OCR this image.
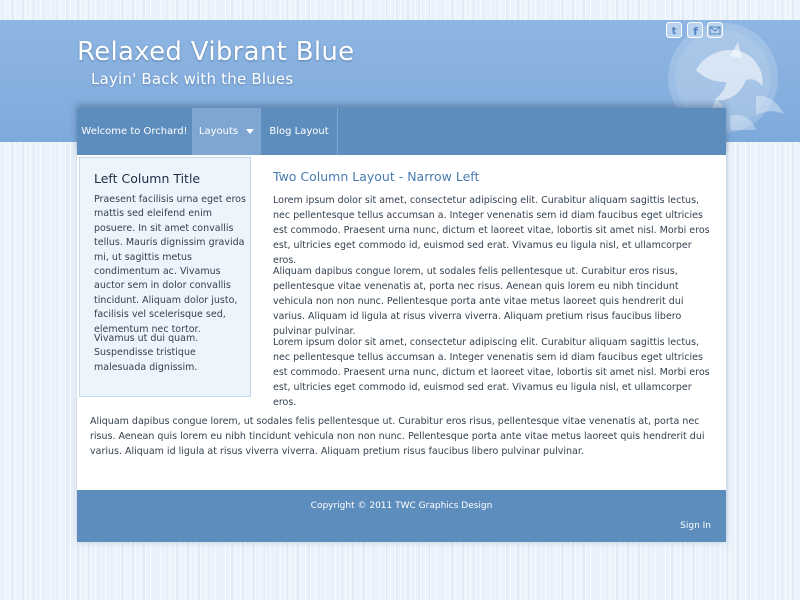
Relaxed Vibrant Blue

Layin' Back with the Blues

t f
Welcome to Orchard! Layouts	Blog Layout
Left Column Title

Praesent facilisis urna eget eros mattis sed eleifend enim posuere. In sit amet convallis tellus. Mauris dignissim gravida mi, ut sagittis metus condimentum ac. Vivamus auctor sem in dolor convallis tincidunt. Aliquam dolor justo, facilisis vel scelerisque sed, elementum nec tortor.

Vivamus ut dui quam. Suspendisse tristique malesuada dignissim.

Two Column Layout - Narrow Left

Lorem ipsum dolor sit amet, consectetur adipiscing elit. Curabitur aliquam sagittis lectus, nec pellentesque tellus accumsan a. Integer venenatis sem id diam faucibus eget ultricies est commodo. Praesent urna nunc, dictum et laoreet vitae, lobortis sit amet nisl. Morbi eros est, ultricies eget commodo id, euismod sed erat. Vivamus eu ligula nisl, et ullamcorper eros.

Aliquam dapibus congue lorem, ut sodales felis pellentesque ut. Curabitur eros risus, pellentesque vitae venenatis at, porta nec risus. Aenean quis lorem eu nibh tincidunt vehicula non non nunc. Pellentesque porta ante vitae metus laoreet quis hendrerit dui varius. Aliquam id ligula at risus viverra viverra. Aliquam pretium risus faucibus libero pulvinar pulvinar.

Lorem ipsum dolor sit amet, consectetur adipiscing elit. Curabitur aliquam sagittis lectus, nec pellentesque tellus accumsan a. Integer venenatis sem id diam faucibus eget ultricies est commodo. Praesent urna nunc, dictum et laoreet vitae, lobortis sit amet nisl. Morbi eros est, ultricies eget commodo id, euismod sed erat. Vivamus eu ligula nisl, et ullamcorper eros.

Aliquam dapibus congue lorem, ut sodales felis pellentesque ut. Curabitur eros risus, pellentesque vitae venenatis at, porta nec risus. Aenean quis lorem eu nibh tincidunt vehicula non non nunc. Pellentesque porta ante vitae metus laoreet quis hendrerit dui varius. Aliquam id ligula at risus viverra viverra. Aliquam pretium risus faucibus libero pulvinar pulvinar.

Copyright © 2011 TWC Graphics Design

Sign In
